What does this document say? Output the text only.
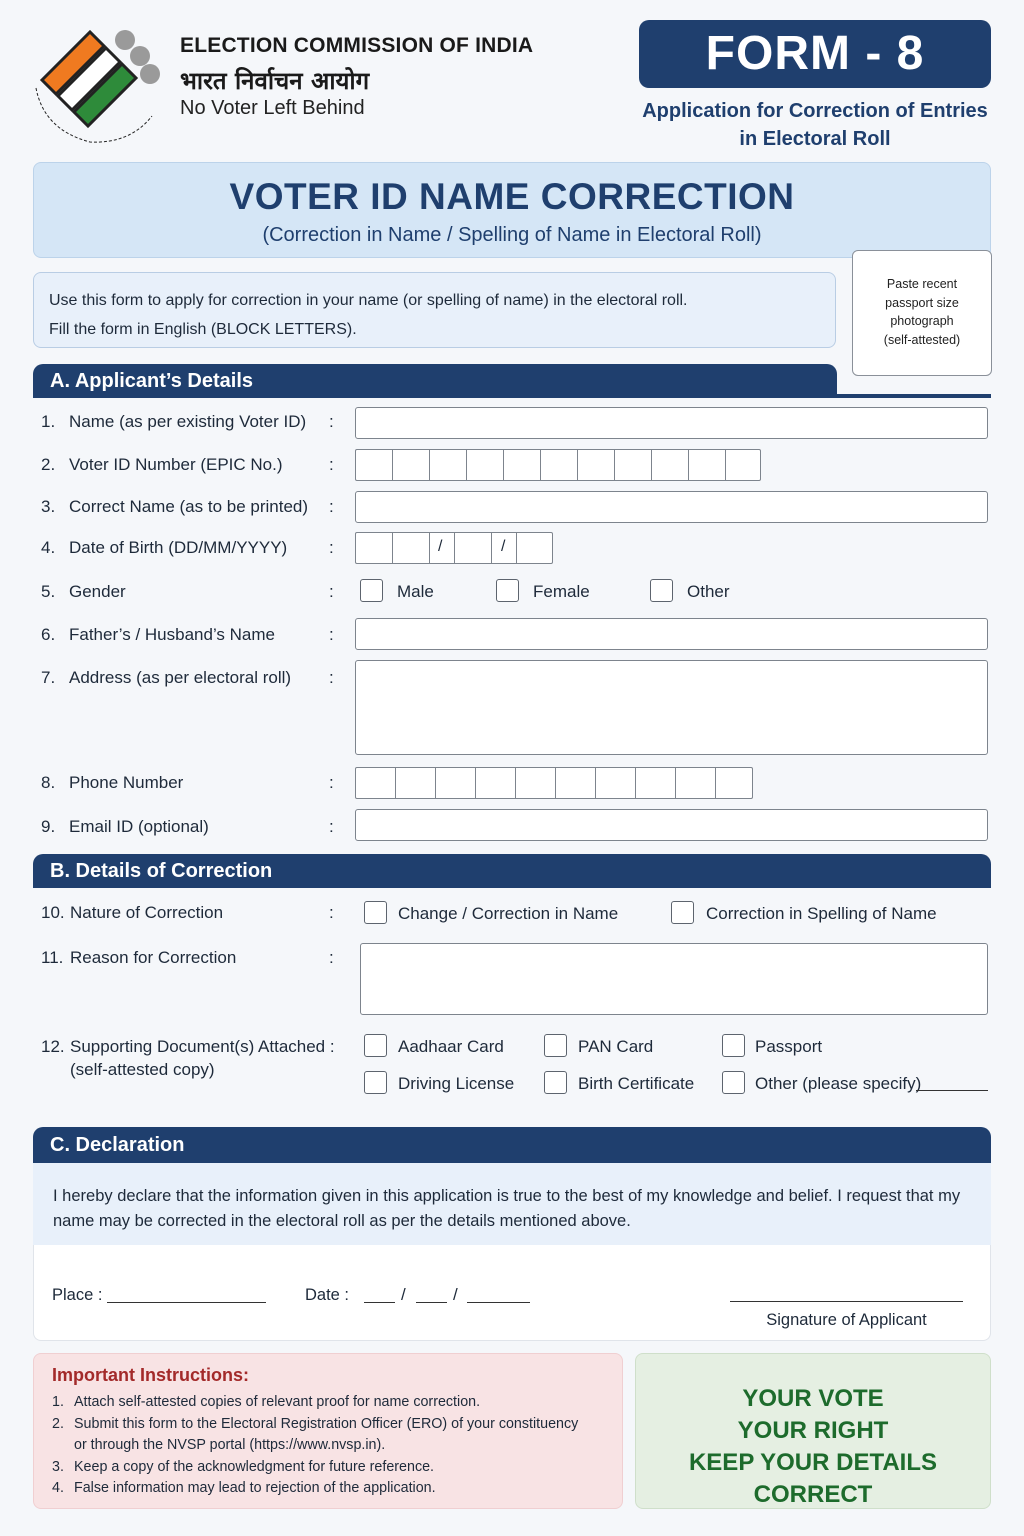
ELECTION COMMISSION OF INDIA
भारत निर्वाचन आयोग
No Voter Left Behind
FORM - 8
Application for Correction of Entries
in Electoral Roll
VOTER ID NAME CORRECTION
(Correction in Name / Spelling of Name in Electoral Roll)
Use this form to apply for correction in your name (or spelling of name) in the electoral roll.
Fill the form in English (BLOCK LETTERS).
Paste recent
passport size
photograph
(self-attested)
A. Applicant’s Details
1. Name (as per existing Voter ID) :
2. Voter ID Number (EPIC No.)	:
3. Correct Name (as to be printed) :
4. Date of Birth (DD/MM/YYYY) :	/	/
5. Gender	:	Male	Female	Other
6. Father’s / Husband’s Name	:
7. Address (as per electoral roll) :
8. Phone Number	:
9. Email ID (optional)	:
B. Details of Correction
10. Nature of Correction	:	Change / Correction in Name	Correction in Spelling of Name
11. Reason for Correction	:
12. Supporting Document(s) Attached :
(self-attested copy)
Aadhaar Card	PAN Card	Passport
Driving License	Birth Certificate	Other (please specify)
C. Declaration
I hereby declare that the information given in this application is true to the best of my knowledge and belief. I request that my name may be corrected in the electoral roll as per the details mentioned above.
Place :	Date :	/	/
Signature of Applicant
Important Instructions:
1. Attach self-attested copies of relevant proof for name correction.
2. Submit this form to the Electoral Registration Officer (ERO) of your constituency
or through the NVSP portal (https://www.nvsp.in).
3. Keep a copy of the acknowledgment for future reference.
4. False information may lead to rejection of the application.
YOUR VOTE
YOUR RIGHT
KEEP YOUR DETAILS CORRECT
